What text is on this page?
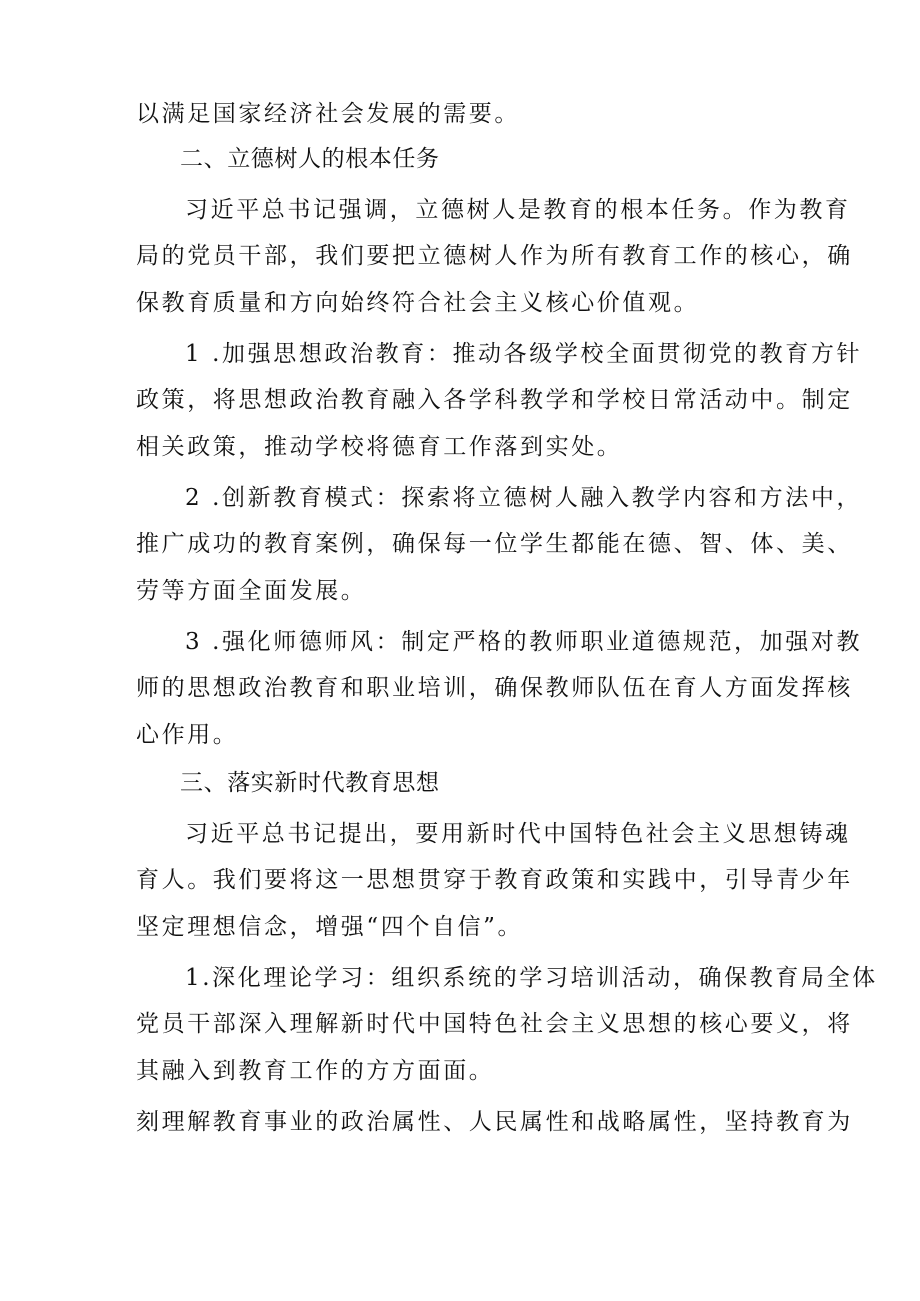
以满足国家经济社会发展的需要。
二、立德树人的根本任务
习近平总书记强调，立德树人是教育的根本任务。作为教育
局的党员干部，我们要把立德树人作为所有教育工作的核心，确
保教育质量和方向始终符合社会主义核心价值观。
1 .加强思想政治教育：推动各级学校全面贯彻党的教育方针
政策，将思想政治教育融入各学科教学和学校日常活动中。制定
相关政策，推动学校将德育工作落到实处。
2 .创新教育模式：探索将立德树人融入教学内容和方法中，
推广成功的教育案例，确保每一位学生都能在德、智、体、美、
劳等方面全面发展。
3 .强化师德师风：制定严格的教师职业道德规范，加强对教
师的思想政治教育和职业培训，确保教师队伍在育人方面发挥核
心作用。
三、落实新时代教育思想
习近平总书记提出，要用新时代中国特色社会主义思想铸魂
育人。我们要将这一思想贯穿于教育政策和实践中，引导青少年
坚定理想信念，增强“四个自信”。
1.深化理论学习：组织系统的学习培训活动，确保教育局全体
党员干部深入理解新时代中国特色社会主义思想的核心要义，将
其融入到教育工作的方方面面。
刻理解教育事业的政治属性、人民属性和战略属性，坚持教育为
